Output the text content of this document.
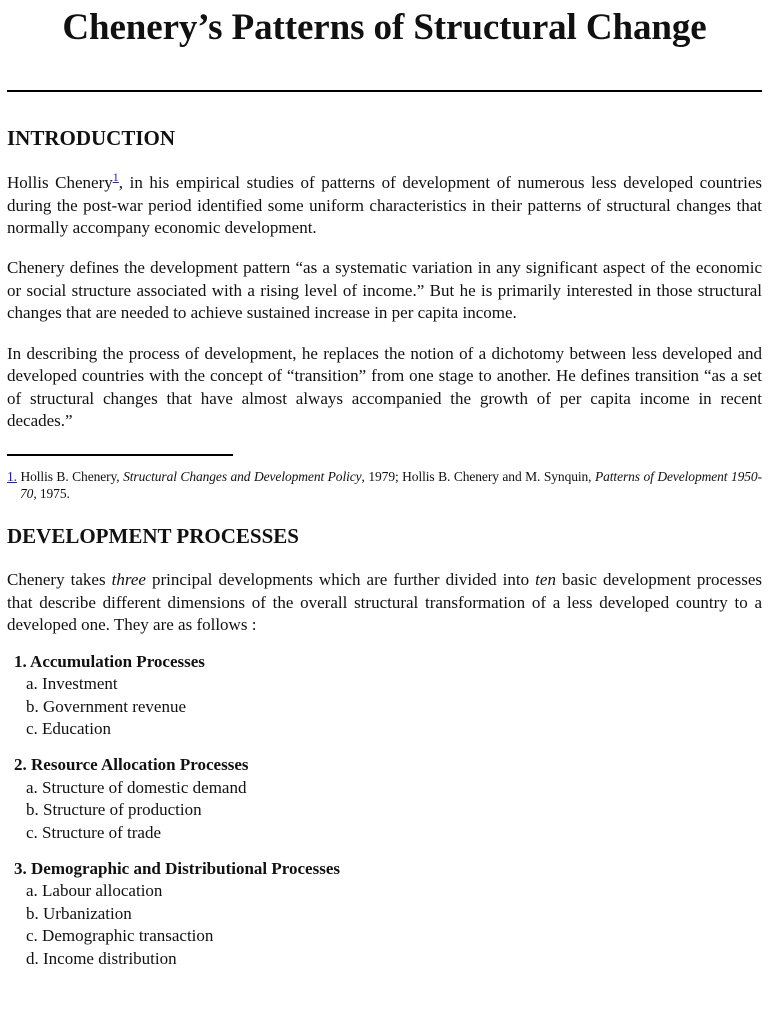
Chenery’s Patterns of Structural Change
INTRODUCTION

Hollis Chenery$^1$, in his empirical studies of patterns of development of numerous less developed countries during the post-war period identified some uniform characteristics in their patterns of structural changes that normally accompany economic development.

Chenery defines the development pattern “as a systematic variation in any significant aspect of the economic or social structure associated with a rising level of income.” But he is primarily interested in those structural changes that are needed to achieve sustained increase in per capita income.

In describing the process of development, he replaces the notion of a dichotomy between less developed and developed countries with the concept of “transition” from one stage to another. He defines transition “as a set of structural changes that have almost always accompanied the growth of per capita income in recent decades.”

1. Hollis B. Chenery, Structural Changes and Development Policy, 1979; Hollis B. Chenery and M. Synquin, Patterns of Development 1950-70, 1975.
DEVELOPMENT PROCESSES

Chenery takes three principal developments which are further divided into ten basic development processes that describe different dimensions of the overall structural transformation of a less developed country to a developed one. They are as follows :

1. Accumulation Processes
a. Investment
b. Government revenue
c. Education
2. Resource Allocation Processes
a. Structure of domestic demand
b. Structure of production
c. Structure of trade
3. Demographic and Distributional Processes
a. Labour allocation
b. Urbanization
c. Demographic transaction
d. Income distribution
